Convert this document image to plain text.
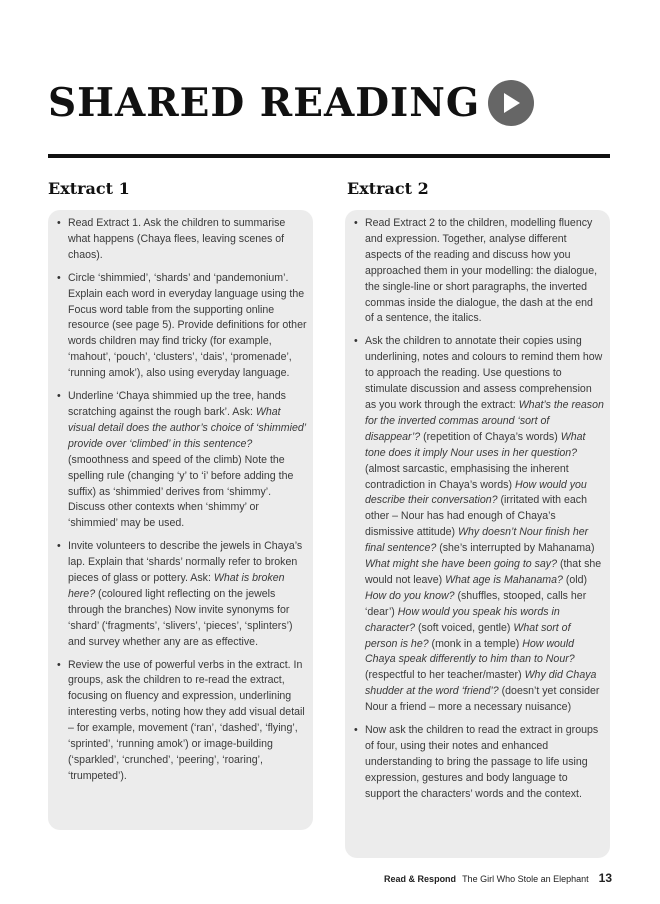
SHARED READING
Extract 1	Extract 2
• Read Extract 1. Ask the children to summarise what happens (Chaya flees, leaving scenes of chaos).
• Circle ‘shimmied’, ‘shards’ and ‘pandemonium’. Explain each word in everyday language using the Focus word table from the supporting online resource (see page 5). Provide definitions for other words children may find tricky (for example, ‘mahout’, ‘pouch’, ‘clusters’, ‘dais’, ‘promenade’, ‘running amok’), also using everyday language.
• Underline ‘Chaya shimmied up the tree, hands scratching against the rough bark’. Ask: What visual detail does the author’s choice of ‘shimmied’ provide over ‘climbed’ in this sentence? (smoothness and speed of the climb) Note the spelling rule (changing ‘y’ to ‘i’ before adding the suffix) as ‘shimmied’ derives from ‘shimmy’. Discuss other contexts when ‘shimmy’ or ‘shimmied’ may be used.
• Invite volunteers to describe the jewels in Chaya’s lap. Explain that ‘shards’ normally refer to broken pieces of glass or pottery. Ask: What is broken here? (coloured light reflecting on the jewels through the branches) Now invite synonyms for ‘shard’ (‘fragments’, ‘slivers’, ‘pieces’, ‘splinters’) and survey whether any are as effective.
• Review the use of powerful verbs in the extract. In groups, ask the children to re-read the extract, focusing on fluency and expression, underlining interesting verbs, noting how they add visual detail – for example, movement (‘ran’, ‘dashed’, ‘flying’, ‘sprinted’, ‘running amok’) or image-building (‘sparkled’, ‘crunched’, ‘peering’, ‘roaring’, ‘trumpeted’).
• Read Extract 2 to the children, modelling fluency and expression. Together, analyse different aspects of the reading and discuss how you approached them in your modelling: the dialogue, the single-line or short paragraphs, the inverted commas inside the dialogue, the dash at the end of a sentence, the italics.
• Ask the children to annotate their copies using underlining, notes and colours to remind them how to approach the reading. Use questions to stimulate discussion and assess comprehension as you work through the extract: What’s the reason for the inverted commas around ‘sort of disappear’? (repetition of Chaya’s words) What tone does it imply Nour uses in her question? (almost sarcastic, emphasising the inherent contradiction in Chaya’s words) How would you describe their conversation? (irritated with each other – Nour has had enough of Chaya’s dismissive attitude) Why doesn’t Nour finish her final sentence? (she’s interrupted by Mahanama) What might she have been going to say? (that she would not leave) What age is Mahanama? (old) How do you know? (shuffles, stooped, calls her ‘dear’) How would you speak his words in character? (soft voiced, gentle) What sort of person is he? (monk in a temple) How would Chaya speak differently to him than to Nour? (respectful to her teacher/master) Why did Chaya shudder at the word ‘friend’? (doesn’t yet consider Nour a friend – more a necessary nuisance)
• Now ask the children to read the extract in groups of four, using their notes and enhanced understanding to bring the passage to life using expression, gestures and body language to support the characters’ words and the context.
Read & Respond The Girl Who Stole an Elephant 13
